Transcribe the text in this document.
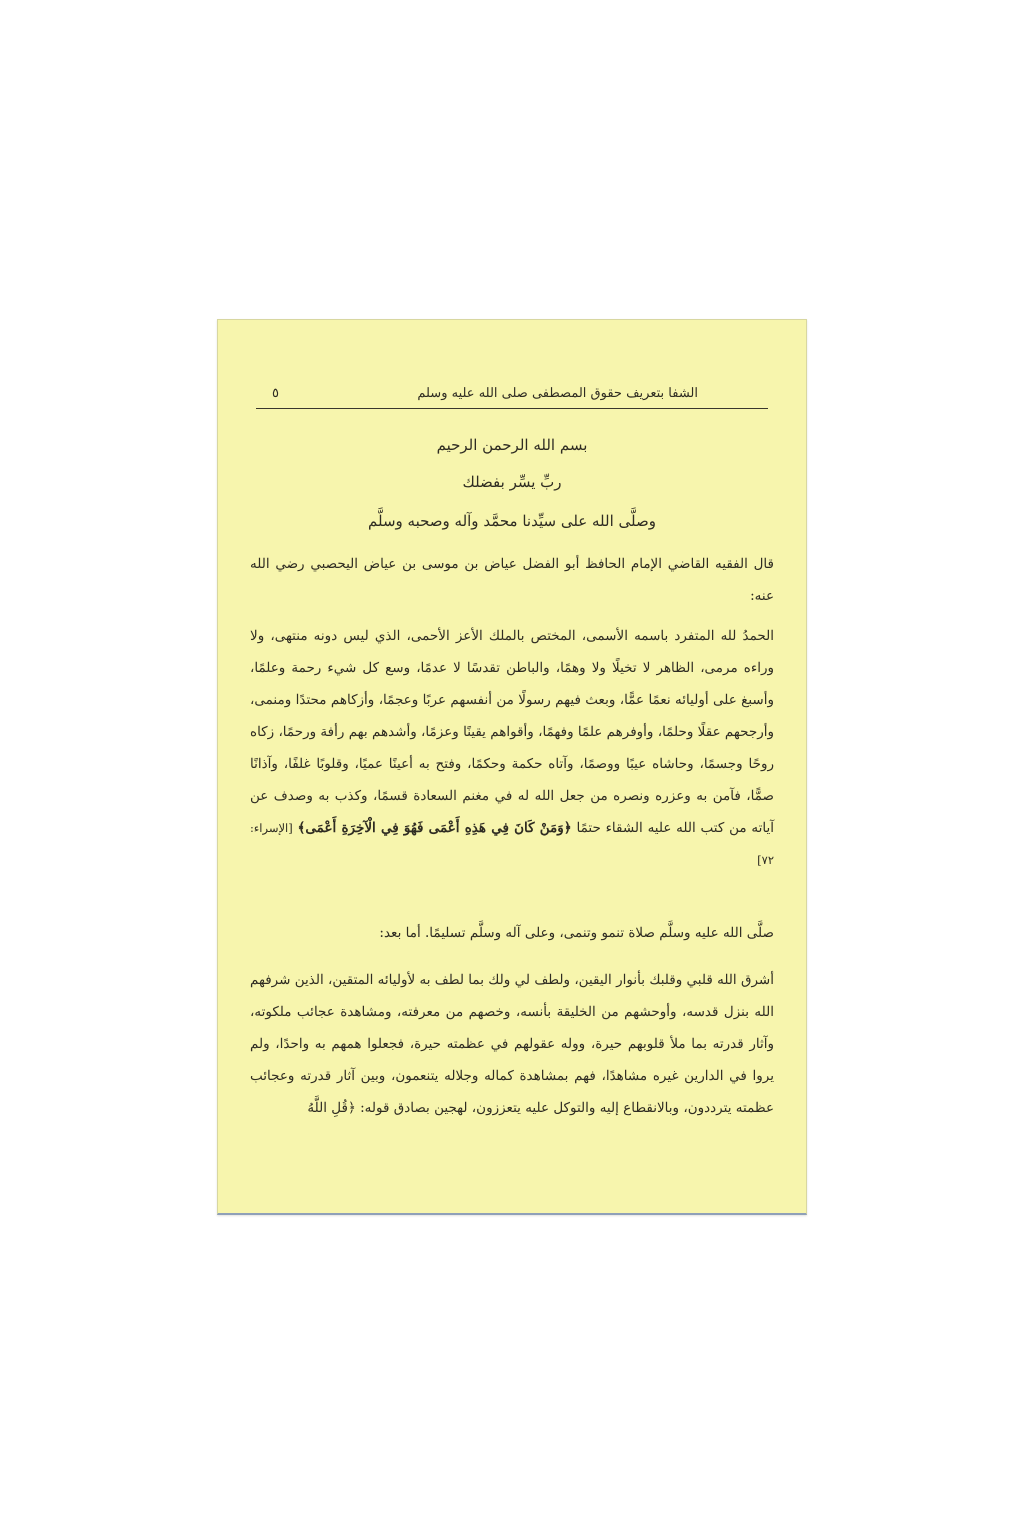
الشفا بتعريف حقوق المصطفى صلى الله عليه وسلم
٥
بسم الله الرحمن الرحيم
ربِّ يسِّر بفضلك
وصلَّى الله على سيِّدنا محمَّد وآله وصحبه وسلَّم
قال الفقيه القاضي الإمام الحافظ أبو الفضل عياض بن موسى بن عياض اليحصبي رضي الله عنه:
الحمدُ لله المتفرد باسمه الأسمى، المختص بالملك الأعز الأحمى، الذي ليس دونه منتهى، ولا وراءه مرمى، الظاهر لا تخيلًا ولا وهمًا، والباطن تقدسًا لا عدمًا، وسع كل شيء رحمة وعلمًا، وأسبغ على أوليائه نعمًا عمًّا، وبعث فيهم رسولًا من أنفسهم عربًا وعجمًا، وأزكاهم محتدًا ومنمى، وأرجحهم عقلًا وحلمًا، وأوفرهم علمًا وفهمًا، وأقواهم يقينًا وعزمًا، وأشدهم بهم رأفة ورحمًا، زكاه روحًا وجسمًا، وحاشاه عيبًا ووصمًا، وآتاه حكمة وحكمًا، وفتح به أعينًا عميًا، وقلوبًا غلفًا، وآذانًا صمًّا، فآمن به وعزره ونصره من جعل الله له في مغنم السعادة قسمًا، وكذب به وصدف عن آياته من كتب الله عليه الشقاء حتمًا ﴿وَمَنْ كَانَ فِي هَذِهِ أَعْمَى فَهُوَ فِي الْآخِرَةِ أَعْمَى﴾ [الإسراء: ٧٢]
صلَّى الله عليه وسلَّم صلاة تنمو وتنمى، وعلى آله وسلَّم تسليمًا. أما بعد:
أشرق الله قلبي وقلبك بأنوار اليقين، ولطف لي ولك بما لطف به لأوليائه المتقين، الذين شرفهم الله بنزل قدسه، وأوحشهم من الخليقة بأنسه، وخصهم من معرفته، ومشاهدة عجائب ملكوته، وآثار قدرته بما ملأ قلوبهم حيرة، ووله عقولهم في عظمته حيرة، فجعلوا همهم به واحدًا، ولم يروا في الدارين غيره مشاهدًا، فهم بمشاهدة كماله وجلاله يتنعمون، وبين آثار قدرته وعجائب عظمته يترددون، وبالانقطاع إليه والتوكل عليه يتعززون، لهجين بصادق قوله: ﴿قُلِ اللَّهُ
